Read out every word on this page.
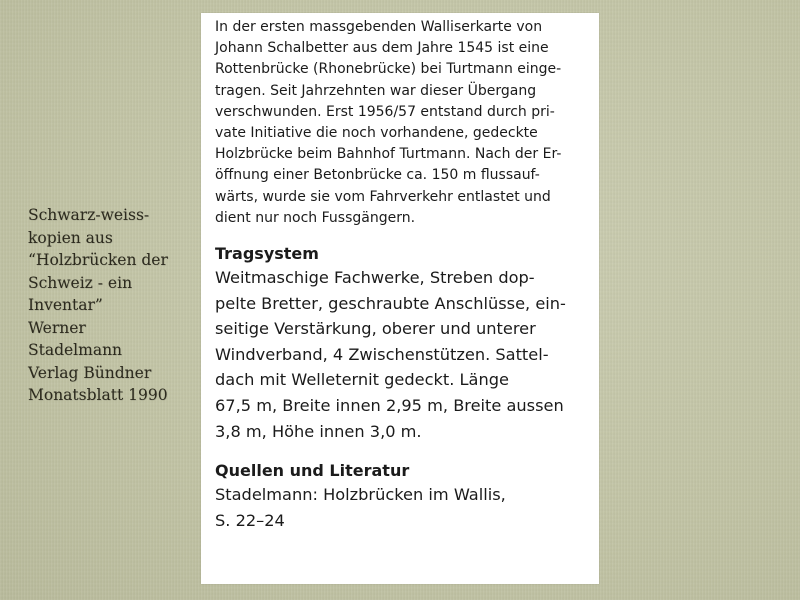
Schwarz-weiss-
kopien aus
“Holzbrücken der
Schweiz - ein
Inventar”
Werner
Stadelmann
Verlag Bündner
Monatsblatt 1990
In der ersten massgebenden Walliserkarte von
Johann Schalbetter aus dem Jahre 1545 ist eine
Rottenbrücke (Rhonebrücke) bei Turtmann einge-
tragen. Seit Jahrzehnten war dieser Übergang
verschwunden. Erst 1956/57 entstand durch pri-
vate Initiative die noch vorhandene, gedeckte
Holzbrücke beim Bahnhof Turtmann. Nach der Er-
öffnung einer Betonbrücke ca. 150 m flussauf-
wärts, wurde sie vom Fahrverkehr entlastet und
dient nur noch Fussgängern.
Tragsystem
Weitmaschige Fachwerke, Streben dop-
pelte Bretter, geschraubte Anschlüsse, ein-
seitige Verstärkung, oberer und unterer
Windverband, 4 Zwischenstützen. Sattel-
dach mit Welleternit gedeckt. Länge
67,5 m, Breite innen 2,95 m, Breite aussen
3,8 m, Höhe innen 3,0 m.
Quellen und Literatur
Stadelmann: Holzbrücken im Wallis,
S. 22–24
